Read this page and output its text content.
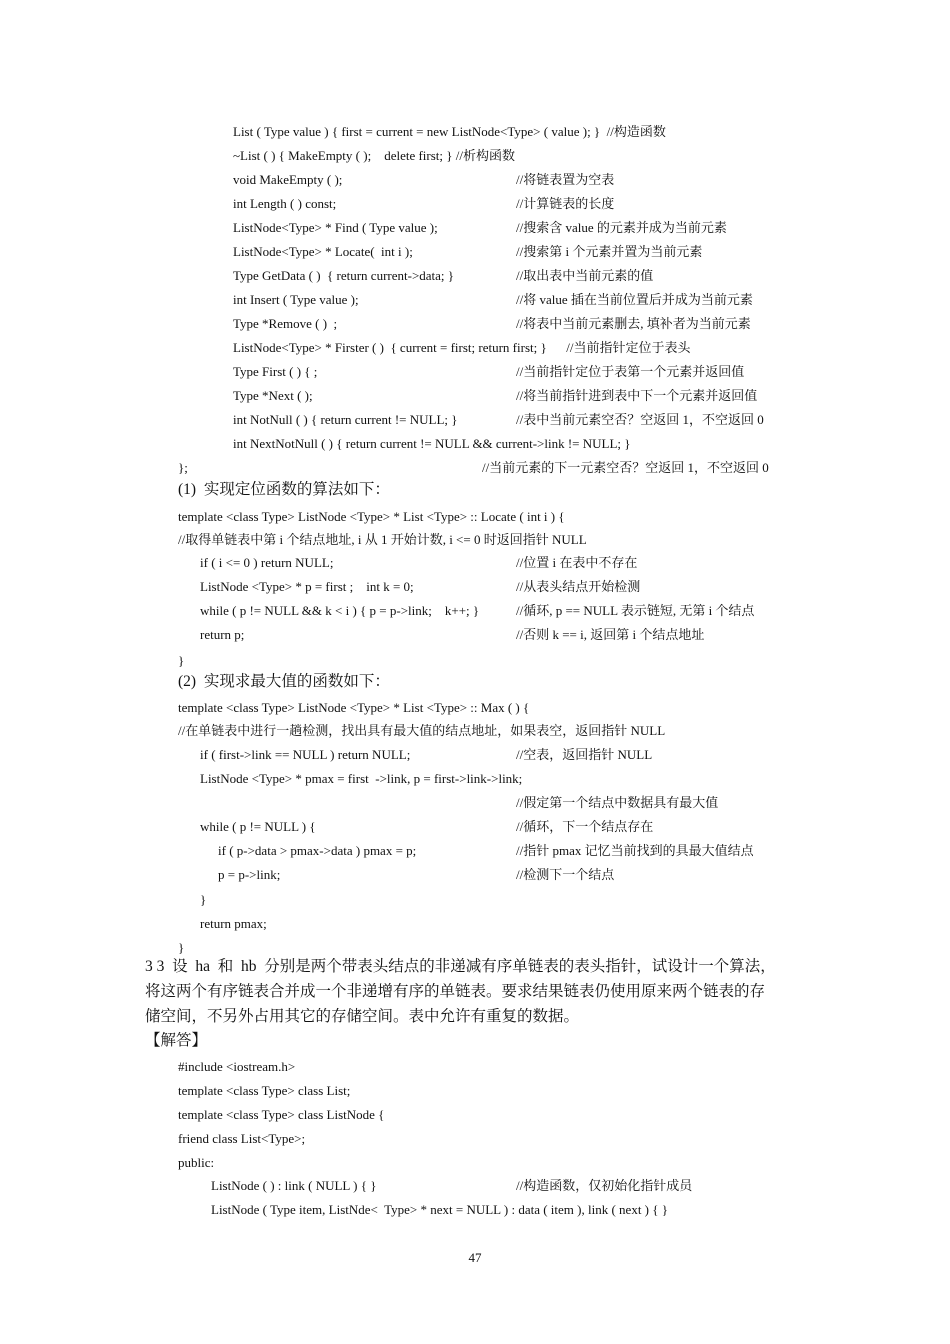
List ( Type value ) { first = current = new ListNode<Type> ( value ); }  //构造函数
~List ( ) { MakeEmpty ( );    delete first; } //析构函数
void MakeEmpty ( );	//将链表置为空表
int Length ( ) const;	//计算链表的长度
ListNode<Type> * Find ( Type value );	//搜索含 value 的元素并成为当前元素
ListNode<Type> * Locate(  int i );	//搜索第 i 个元素并置为当前元素
Type GetData ( )  { return current->data; }	//取出表中当前元素的值
int Insert ( Type value );	//将 value 插在当前位置后并成为当前元素
Type *Remove ( )  ;	//将表中当前元素删去, 填补者为当前元素
ListNode<Type> * Firster ( )  { current = first; return first; }      //当前指针定位于表头
Type First ( ) { ;	//当前指针定位于表第一个元素并返回值
Type *Next ( );	//将当前指针进到表中下一个元素并返回值
int NotNull ( ) { return current != NULL; }	//表中当前元素空否？空返回 1，不空返回 0
int NextNotNull ( ) { return current != NULL && current->link != NULL; }
};	//当前元素的下一元素空否？空返回 1，不空返回 0
(1)  实现定位函数的算法如下：
template <class Type> ListNode <Type> * List <Type> :: Locate ( int i ) {
//取得单链表中第 i 个结点地址, i 从 1 开始计数, i <= 0 时返回指针 NULL
if ( i <= 0 ) return NULL;	//位置 i 在表中不存在
ListNode <Type> * p = first ;    int k = 0;	//从表头结点开始检测
while ( p != NULL && k < i ) { p = p->link;    k++; }	//循环, p == NULL 表示链短, 无第 i 个结点
return p;	//否则 k == i, 返回第 i 个结点地址
}
(2)  实现求最大值的函数如下：
template <class Type> ListNode <Type> * List <Type> :: Max ( ) {
//在单链表中进行一趟检测，找出具有最大值的结点地址，如果表空，返回指针 NULL
if ( first->link == NULL ) return NULL;	//空表，返回指针 NULL
ListNode <Type> * pmax = first  ->link, p = first->link->link;
//假定第一个结点中数据具有最大值
while ( p != NULL ) {	//循环，下一个结点存在
if ( p->data > pmax->data ) pmax = p;	//指针 pmax 记忆当前找到的具最大值结点
p = p->link;	//检测下一个结点
}
return pmax;
}
3 3  设  ha  和  hb  分别是两个带表头结点的非递减有序单链表的表头指针，试设计一个算法，
将这两个有序链表合并成一个非递增有序的单链表。要求结果链表仍使用原来两个链表的存
储空间，不另外占用其它的存储空间。表中允许有重复的数据。
【解答】
#include <iostream.h>
template <class Type> class List;
template <class Type> class ListNode {
friend class List<Type>;
public:
ListNode ( ) : link ( NULL ) { }	//构造函数，仅初始化指针成员
ListNode ( Type item, ListNde<  Type> * next = NULL ) : data ( item ), link ( next ) { }
47
